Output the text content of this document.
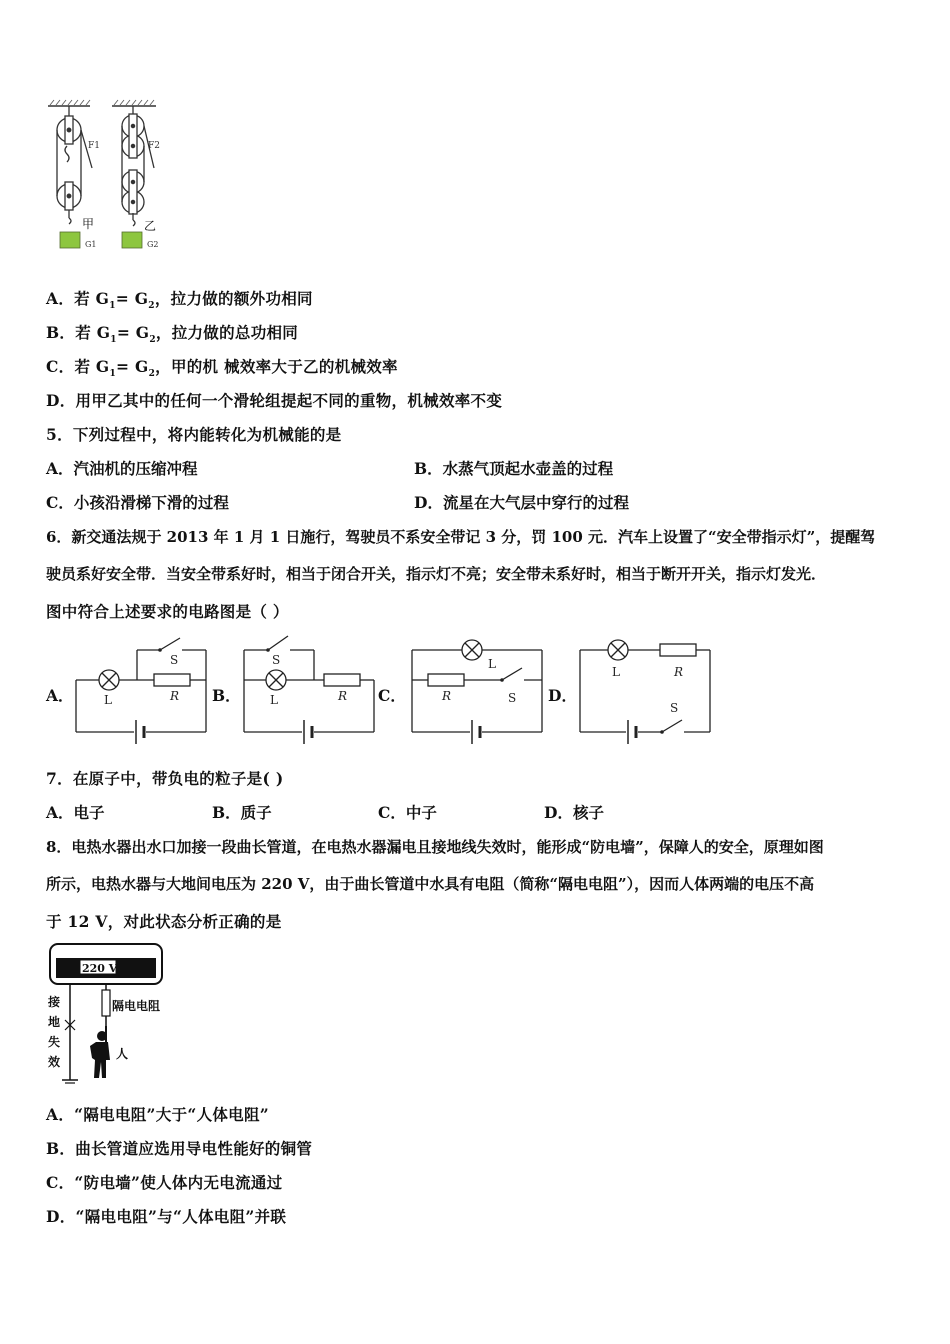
F1
甲
G1
F2
乙
G2
A．若 $G_1= G_2$，拉力做的额外功相同
B．若 $G_1= G_2$，拉力做的总功相同
C．若 $G_1= G_2$，甲的机 械效率大于乙的机械效率
D．用甲乙其中的任何一个滑轮组提起不同的重物，机械效率不变
5．下列过程中，将内能转化为机械能的是
A．汽油机的压缩冲程	B．水蒸气顶起水壶盖的过程
C．小孩沿滑梯下滑的过程	D．流星在大气层中穿行的过程
6．新交通法规于 2013 年 1 月 1 日施行，驾驶员不系安全带记 3 分，罚 100 元．汽车上设置了“安全带指示灯”，提醒驾
驶员系好安全带．当安全带系好时，相当于闭合开关，指示灯不亮；安全带未系好时，相当于断开开关，指示灯发光．
图中符合上述要求的电路图是（ ）
A．	B．	C．	D．
S
L	R
S
L	R
L
R	S
L	R
S
7．在原子中，带负电的粒子是( )
A．电子	B．质子	C．中子	D．核子
8．电热水器出水口加接一段曲长管道，在电热水器漏电且接地线失效时，能形成“防电墙”，保障人的安全，原理如图
所示，电热水器与大地间电压为 220 V，由于曲长管道中水具有电阻（简称“隔电电阻”），因而人体两端的电压不高
于 12 V，对此状态分析正确的是
220 V
隔电电阻
接
地
失
效
人
A．“隔电电阻”大于“人体电阻”
B．曲长管道应选用导电性能好的铜管
C．“防电墙”使人体内无电流通过
D．“隔电电阻”与“人体电阻”并联
